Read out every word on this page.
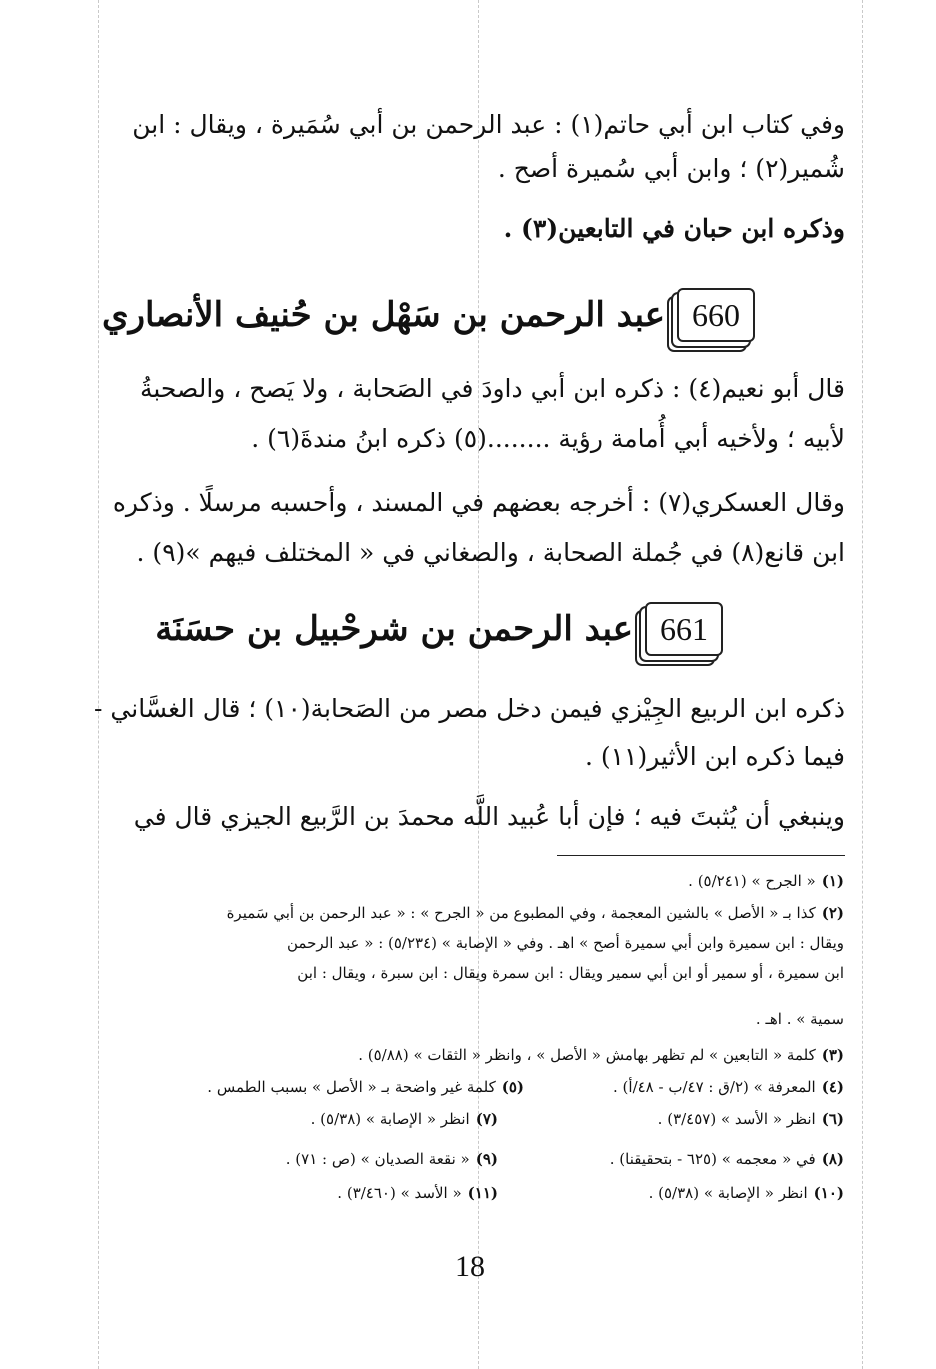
وفي كتاب ابن أبي حاتم(١) : عبد الرحمن بن أبي سُمَيرة ، ويقال : ابن
شُمير(٢) ؛ وابن أبي سُميرة أصح .
وذكره ابن حبان في التابعين(٣) .
660
عبد الرحمن بن سَهْل بن حُنيف الأنصاري
قال أبو نعيم(٤) : ذكره ابن أبي داودَ في الصَحابة ، ولا يَصح ، والصحبةُ
لأبيه ؛ ولأخيه أبي أُمامة رؤية ........(٥) ذكره ابنُ مندةَ(٦) .
وقال العسكري(٧) : أخرجه بعضهم في المسند ، وأحسبه مرسلًا . وذكره
ابن قانع(٨) في جُملة الصحابة ، والصغاني في « المختلف فيهم »(٩) .
661
عبد الرحمن بن شرحْبيل بن حسَنَة
ذكره ابن الربيع الجِيْزي فيمن دخل مصر من الصَحابة(١٠) ؛ قال الغسَّاني -
فيما ذكره ابن الأثير(١١) .
وينبغي أن يُثبتَ فيه ؛ فإن أبا عُبيد اللَّه محمدَ بن الرَّبيع الجيزي قال في
(١)« الجرح » (٥/٢٤١) .
(٢)كذا بـ « الأصل » بالشين المعجمة ، وفي المطبوع من « الجرح » : « عبد الرحمن بن أبي سَميرة
ويقال : ابن سميرة وابن أبي سميرة أصح » اهـ . وفي « الإصابة » (٥/٢٣٤) : « عبد الرحمن
ابن سميرة ، أو سمير أو ابن أبي سمير ويقال : ابن سمرة ويقال : ابن سبرة ، ويقال : ابن
سمية » . اهـ .
(٣)كلمة « التابعين » لم تظهر بهامش « الأصل » ، وانظر « الثقات » (٥/٨٨) .
(٤)المعرفة » (٢/ق : ٤٧/ب - ٤٨/أ) .
(٥)كلمة غير واضحة بـ « الأصل » بسبب الطمس .
(٦)انظر « الأسد » (٣/٤٥٧) .
(٧)انظر « الإصابة » (٥/٣٨) .
(٨)في « معجمه » (٦٢٥ - بتحقيقنا) .
(٩)« نقعة الصديان » (ص : ٧١) .
(١٠)انظر « الإصابة » (٥/٣٨) .
(١١)« الأسد » (٣/٤٦٠) .
18
